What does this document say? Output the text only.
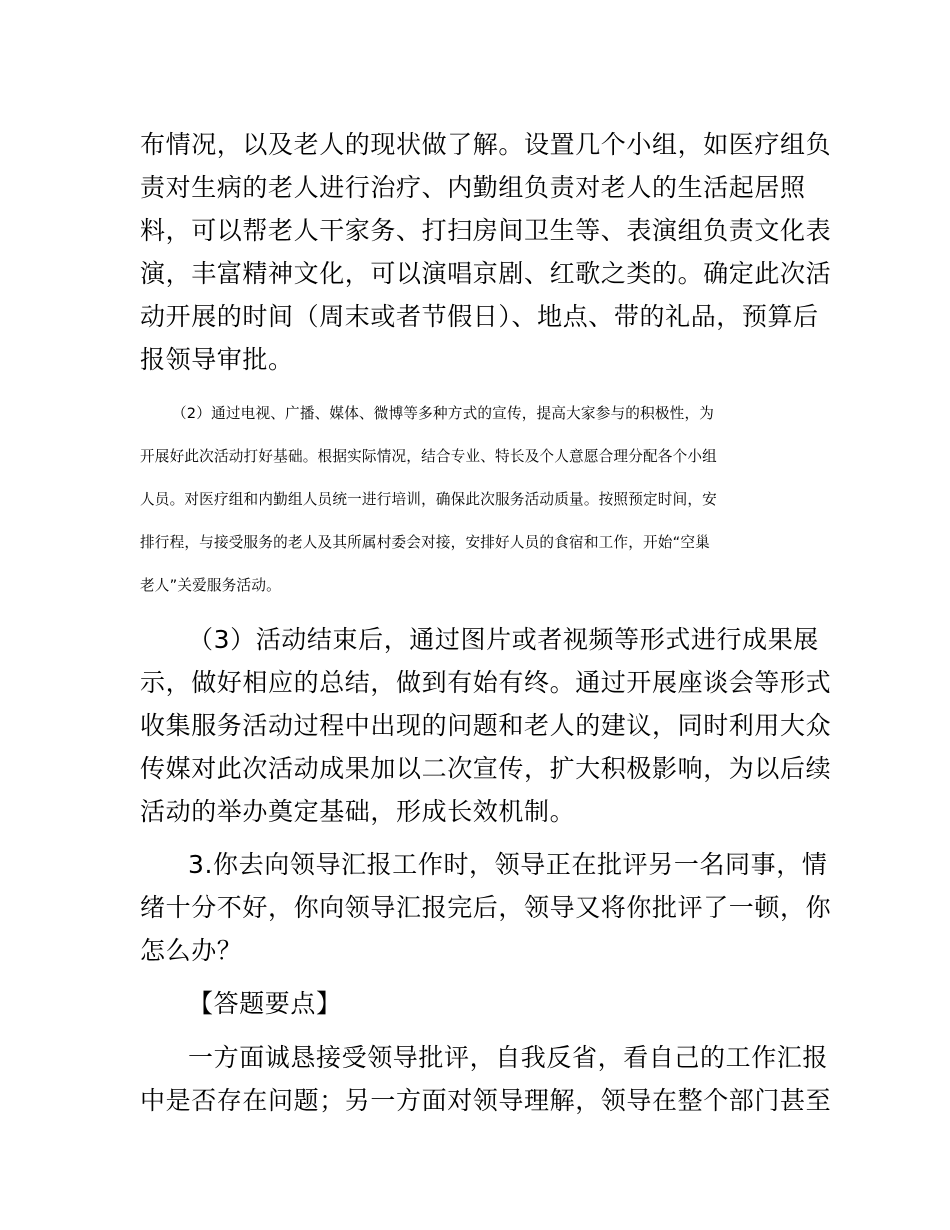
布情况，以及老人的现状做了解。设置几个小组，如医疗组负
责对生病的老人进行治疗、内勤组负责对老人的生活起居照
料，可以帮老人干家务、打扫房间卫生等、表演组负责文化表
演，丰富精神文化，可以演唱京剧、红歌之类的。确定此次活
动开展的时间（周末或者节假日）、地点、带的礼品，预算后
报领导审批。
（2）通过电视、广播、媒体、微博等多种方式的宣传，提高大家参与的积极性，为
开展好此次活动打好基础。根据实际情况，结合专业、特长及个人意愿合理分配各个小组
人员。对医疗组和内勤组人员统一进行培训，确保此次服务活动质量。按照预定时间，安
排行程，与接受服务的老人及其所属村委会对接，安排好人员的食宿和工作，开始“空巢
老人”关爱服务活动。
（3）活动结束后，通过图片或者视频等形式进行成果展
示，做好相应的总结，做到有始有终。通过开展座谈会等形式
收集服务活动过程中出现的问题和老人的建议，同时利用大众
传媒对此次活动成果加以二次宣传，扩大积极影响，为以后续
活动的举办奠定基础，形成长效机制。
3.你去向领导汇报工作时，领导正在批评另一名同事，情
绪十分不好，你向领导汇报完后，领导又将你批评了一顿，你
怎么办？
【答题要点】
一方面诚恳接受领导批评，自我反省，看自己的工作汇报
中是否存在问题；另一方面对领导理解，领导在整个部门甚至
